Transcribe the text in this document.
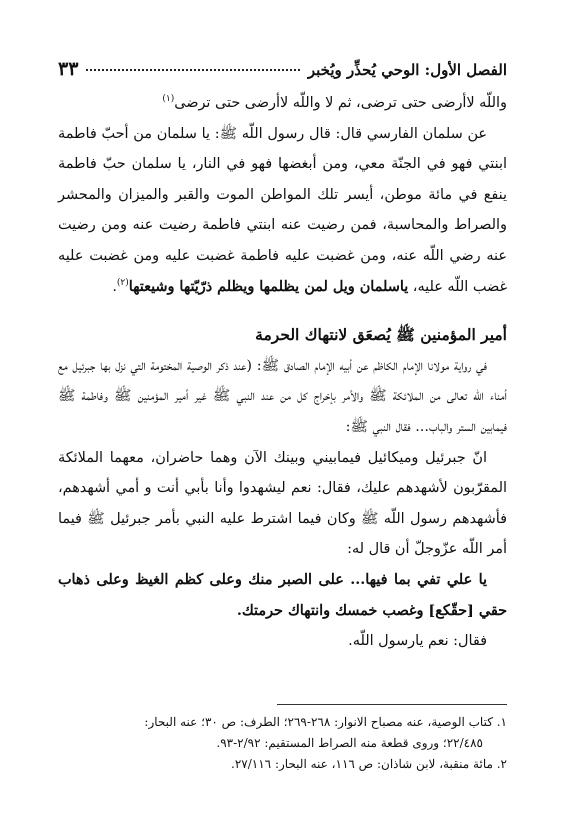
الفصل الأول: الوحي يُحذِّر ويُخبر
٣٣

واللّه لاأرضى حتى ترضى، ثم لا واللّه لاأرضى حتى ترضى$^{(١)}$

عن سلمان الفارسي قال: قال رسول اللّه ﷺ: يا سلمان من أحبّ فاطمة ابنتي فهو في الجنّة معي، ومن أبغضها فهو في النار، يا سلمان حبّ فاطمة ينفع في مائة موطن، أيسر تلك المواطن الموت والقبر والميزان والمحشر والصراط والمحاسبة، فمن رضيت عنه ابنتي فاطمة رضيت عنه ومن رضيت عنه رضي اللّه عنه، ومن غضبت عليه فاطمة غضبت عليه ومن غضبت عليه غضب اللّه عليه، ياسلمان ويل لمن يظلمها ويظلم ذرّيّتها وشيعتها$^{(٢)}$.

أمير المؤمنين ﷺ يُصعَق لانتهاك الحرمة

في رواية مولانا الإمام الكاظم عن أبيه الإمام الصادق ﷺ: (عند ذكر الوصية المختومة التي نزل بها جبرئيل مع أمناء اللّه تعالى من الملائكة ﷺ والأمر بإخراج كل من عند النبي ﷺ غير أمير المؤمنين ﷺ وفاطمة ﷺ فيمابين الستر والباب... فقال النبي ﷺ:

انّ جبرئيل وميكائيل فيمابيني وبينك الآن وهما حاضران، معهما الملائكة المقرّبون لأشهدهم عليك، فقال: نعم ليشهدوا وأنا بأبي أنت و أمي أشهدهم، فأشهدهم رسول اللّه ﷺ وكان فيما اشترط عليه النبي بأمر جبرئيل ﷺ فيما أمر اللّه عزّوجلّ أن قال له:

يا علي تفي بما فيها... على الصبر منك وعلى كظم الغيظ وعلى ذهاب حقي [حقّكع] وغصب خمسك وانتهاك حرمتك.

فقال: نعم يارسول اللّه.

١. كتاب الوصية، عنه مصباح الانوار: ٢٦٨-٢٦٩؛ الطرف: ص ٣٠؛ عنه البحار:

٢٢/٤٨٥؛ وروى قطعة منه الصراط المستقيم: ٢/٩٢-٩٣.

٢. مائة منقبة، لابن شاذان: ص ١١٦، عنه البحار: ٢٧/١١٦.
